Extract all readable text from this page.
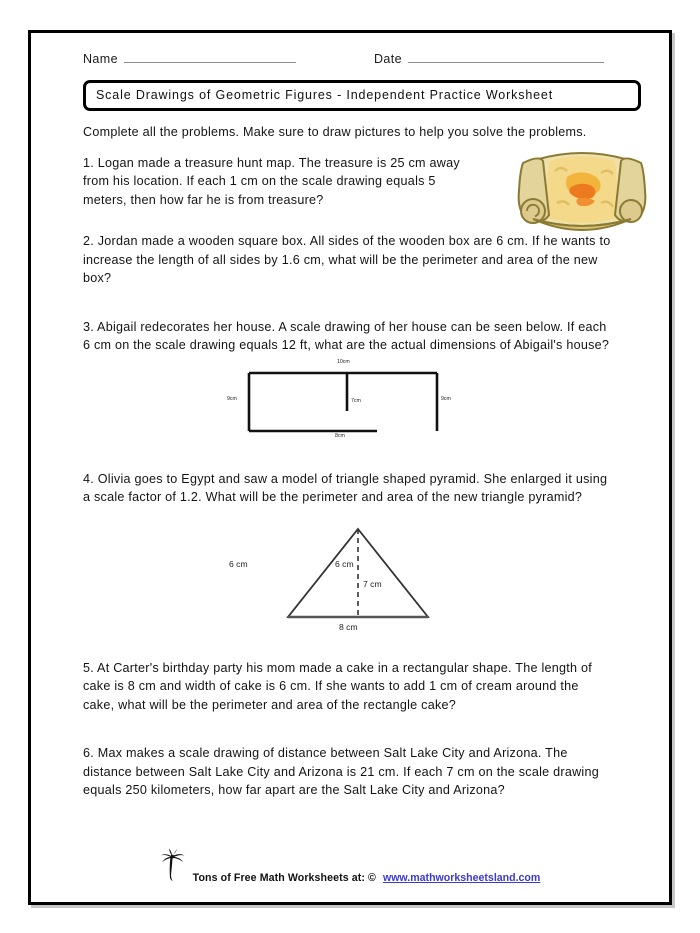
Name	Date
Scale Drawings of Geometric Figures - Independent Practice Worksheet
Complete all the problems. Make sure to draw pictures to help you solve the problems.
1. Logan made a treasure hunt map. The treasure is 25 cm away from his location. If each 1 cm on the scale drawing equals 5 meters, then how far he is from treasure?
2. Jordan made a wooden square box. All sides of the wooden box are 6 cm. If he wants to increase the length of all sides by 1.6 cm, what will be the perimeter and area of the new box?
3. Abigail redecorates her house. A scale drawing of her house can be seen below. If each 6 cm on the scale drawing equals 12 ft, what are the actual dimensions of Abigail's house?
10cm
9cm	7cm	9cm
8cm
4. Olivia goes to Egypt and saw a model of triangle shaped pyramid. She enlarged it using a scale factor of 1.2. What will be the perimeter and area of the new triangle pyramid?
6 cm	6 cm
7 cm
8 cm
5. At Carter's birthday party his mom made a cake in a rectangular shape. The length of cake is 8 cm and width of cake is 6 cm. If she wants to add 1 cm of cream around the cake, what will be the perimeter and area of the rectangle cake?
6. Max makes a scale drawing of distance between Salt Lake City and Arizona. The distance between Salt Lake City and Arizona is 21 cm. If each 7 cm on the scale drawing equals 250 kilometers, how far apart are the Salt Lake City and Arizona?
Tons of Free Math Worksheets at: © www.mathworksheetsland.com
